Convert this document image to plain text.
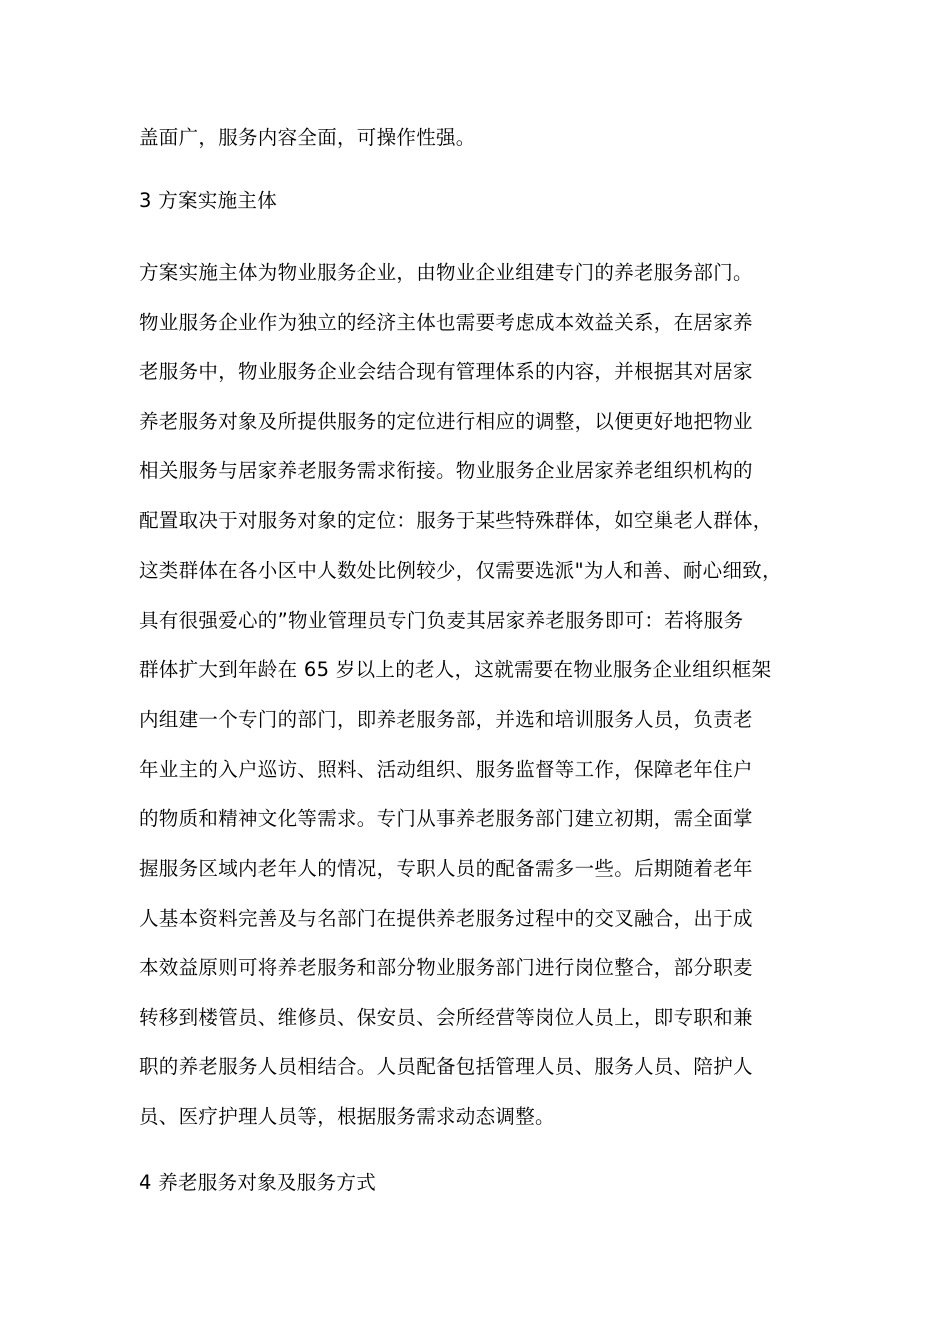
盖面广，服务内容全面，可操作性强。
3 方案实施主体
方案实施主体为物业服务企业，由物业企业组建专门的养老服务部门。
物业服务企业作为独立的经济主体也需要考虑成本效益关系，在居家养
老服务中，物业服务企业会结合现有管理体系的内容，并根据其对居家
养老服务对象及所提供服务的定位进行相应的调整，以便更好地把物业
相关服务与居家养老服务需求衔接。物业服务企业居家养老组织机构的
配置取决于对服务对象的定位：服务于某些特殊群体，如空巢老人群体，
这类群体在各小区中人数处比例较少，仅需要选派"为人和善、耐心细致，
具有很强爱心的”物业管理员专门负麦其居家养老服务即可：若将服务
群体扩大到年龄在 65 岁以上的老人，这就需要在物业服务企业组织框架
内组建一个专门的部门，即养老服务部，并选和培训服务人员，负责老
年业主的入户巡访、照料、活动组织、服务监督等工作，保障老年住户
的物质和精神文化等需求。专门从事养老服务部门建立初期，需全面掌
握服务区域内老年人的情况，专职人员的配备需多一些。后期随着老年
人基本资料完善及与名部门在提供养老服务过程中的交叉融合，出于成
本效益原则可将养老服务和部分物业服务部门进行岗位整合，部分职麦
转移到楼管员、维修员、保安员、会所经营等岗位人员上，即专职和兼
职的养老服务人员相结合。人员配备包括管理人员、服务人员、陪护人
员、医疗护理人员等，根据服务需求动态调整。
4 养老服务对象及服务方式
